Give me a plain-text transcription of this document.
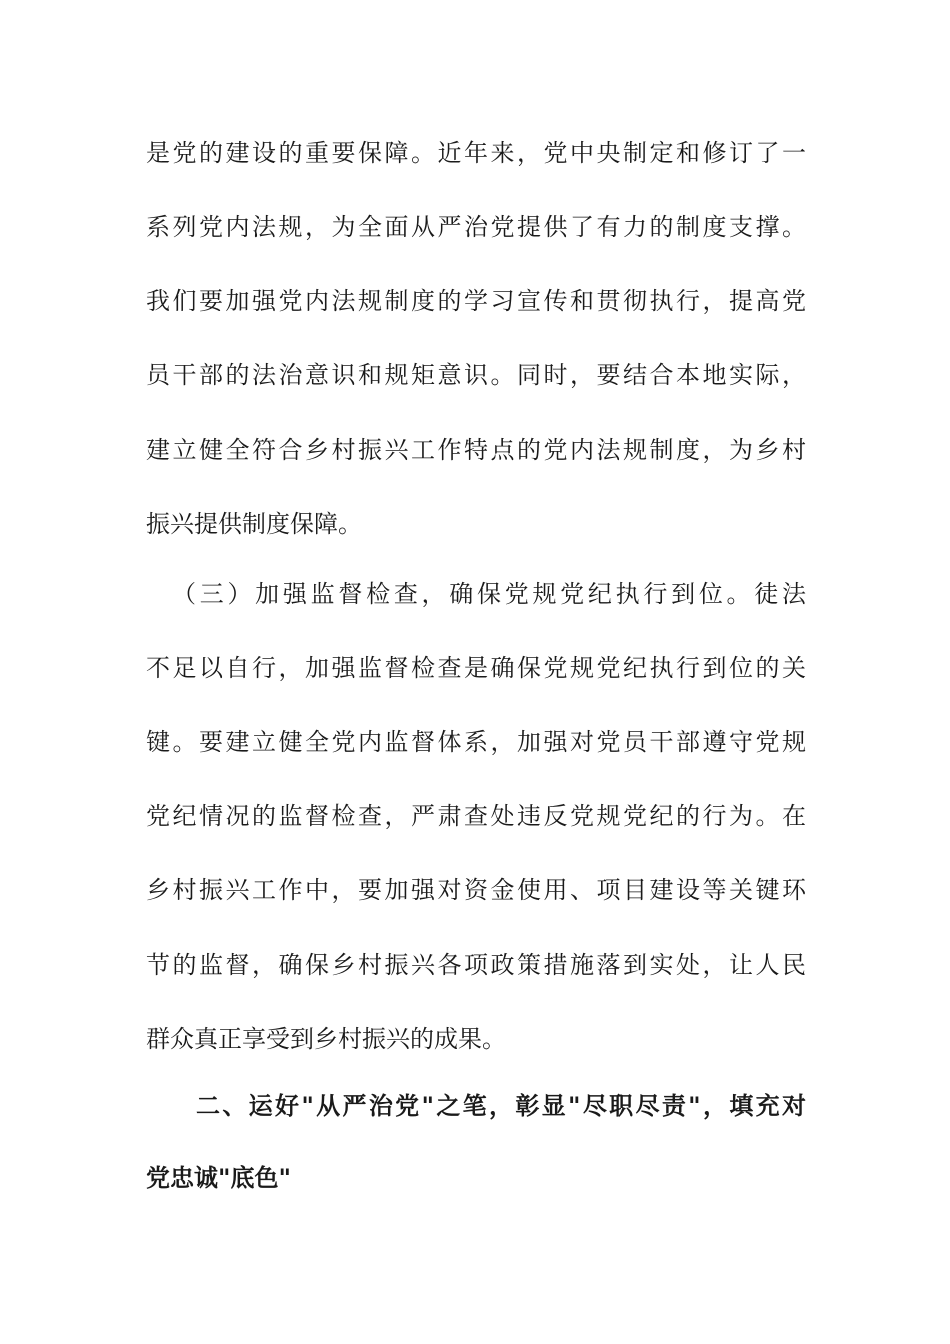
是党的建设的重要保障。近年来，党中央制定和修订了一
系列党内法规，为全面从严治党提供了有力的制度支撑。
我们要加强党内法规制度的学习宣传和贯彻执行，提高党
员干部的法治意识和规矩意识。同时，要结合本地实际，
建立健全符合乡村振兴工作特点的党内法规制度，为乡村
振兴提供制度保障。
（三）加强监督检查，确保党规党纪执行到位。徒法
不足以自行，加强监督检查是确保党规党纪执行到位的关
键。要建立健全党内监督体系，加强对党员干部遵守党规
党纪情况的监督检查，严肃查处违反党规党纪的行为。在
乡村振兴工作中，要加强对资金使用、项目建设等关键环
节的监督，确保乡村振兴各项政策措施落到实处，让人民
群众真正享受到乡村振兴的成果。
二、运好"从严治党"之笔，彰显"尽职尽责"，填充对
党忠诚"底色"
